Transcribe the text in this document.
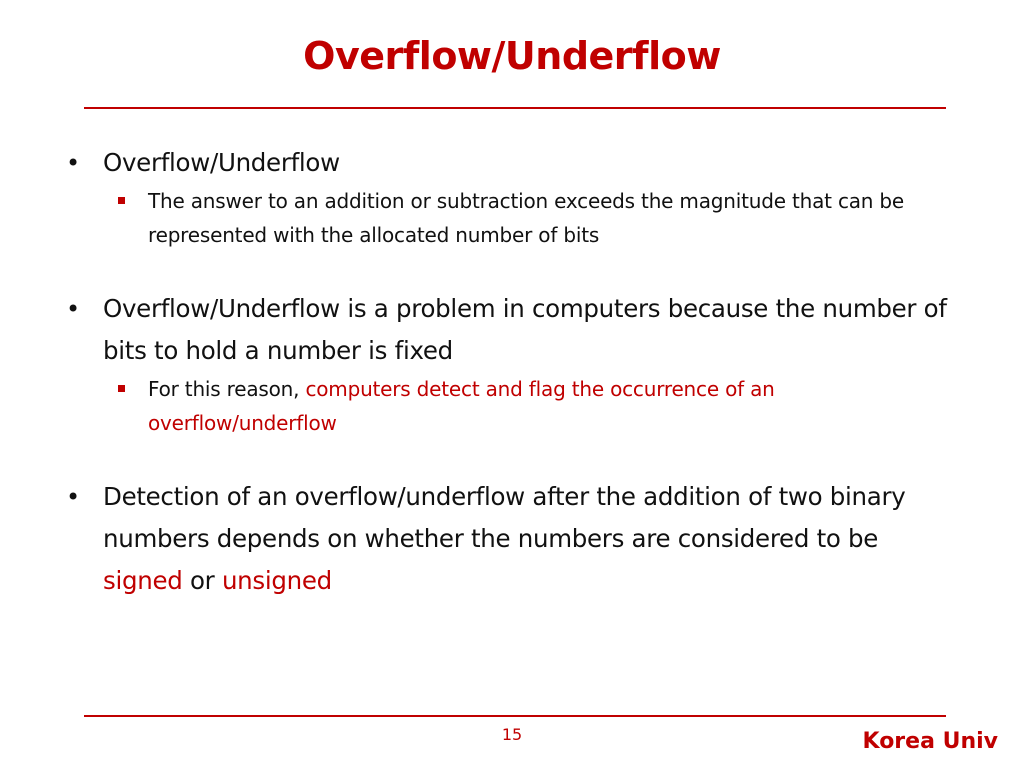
Overflow/Underflow
• Overflow/Underflow
The answer to an addition or subtraction exceeds the magnitude that can be represented with the allocated number of bits
• Overflow/Underflow is a problem in computers because the number of bits to hold a number is fixed
For this reason, computers detect and flag the occurrence of an overflow/underflow
• Detection of an overflow/underflow after the addition of two binary numbers depends on whether the numbers are considered to be signed or unsigned
15	Korea Univ
